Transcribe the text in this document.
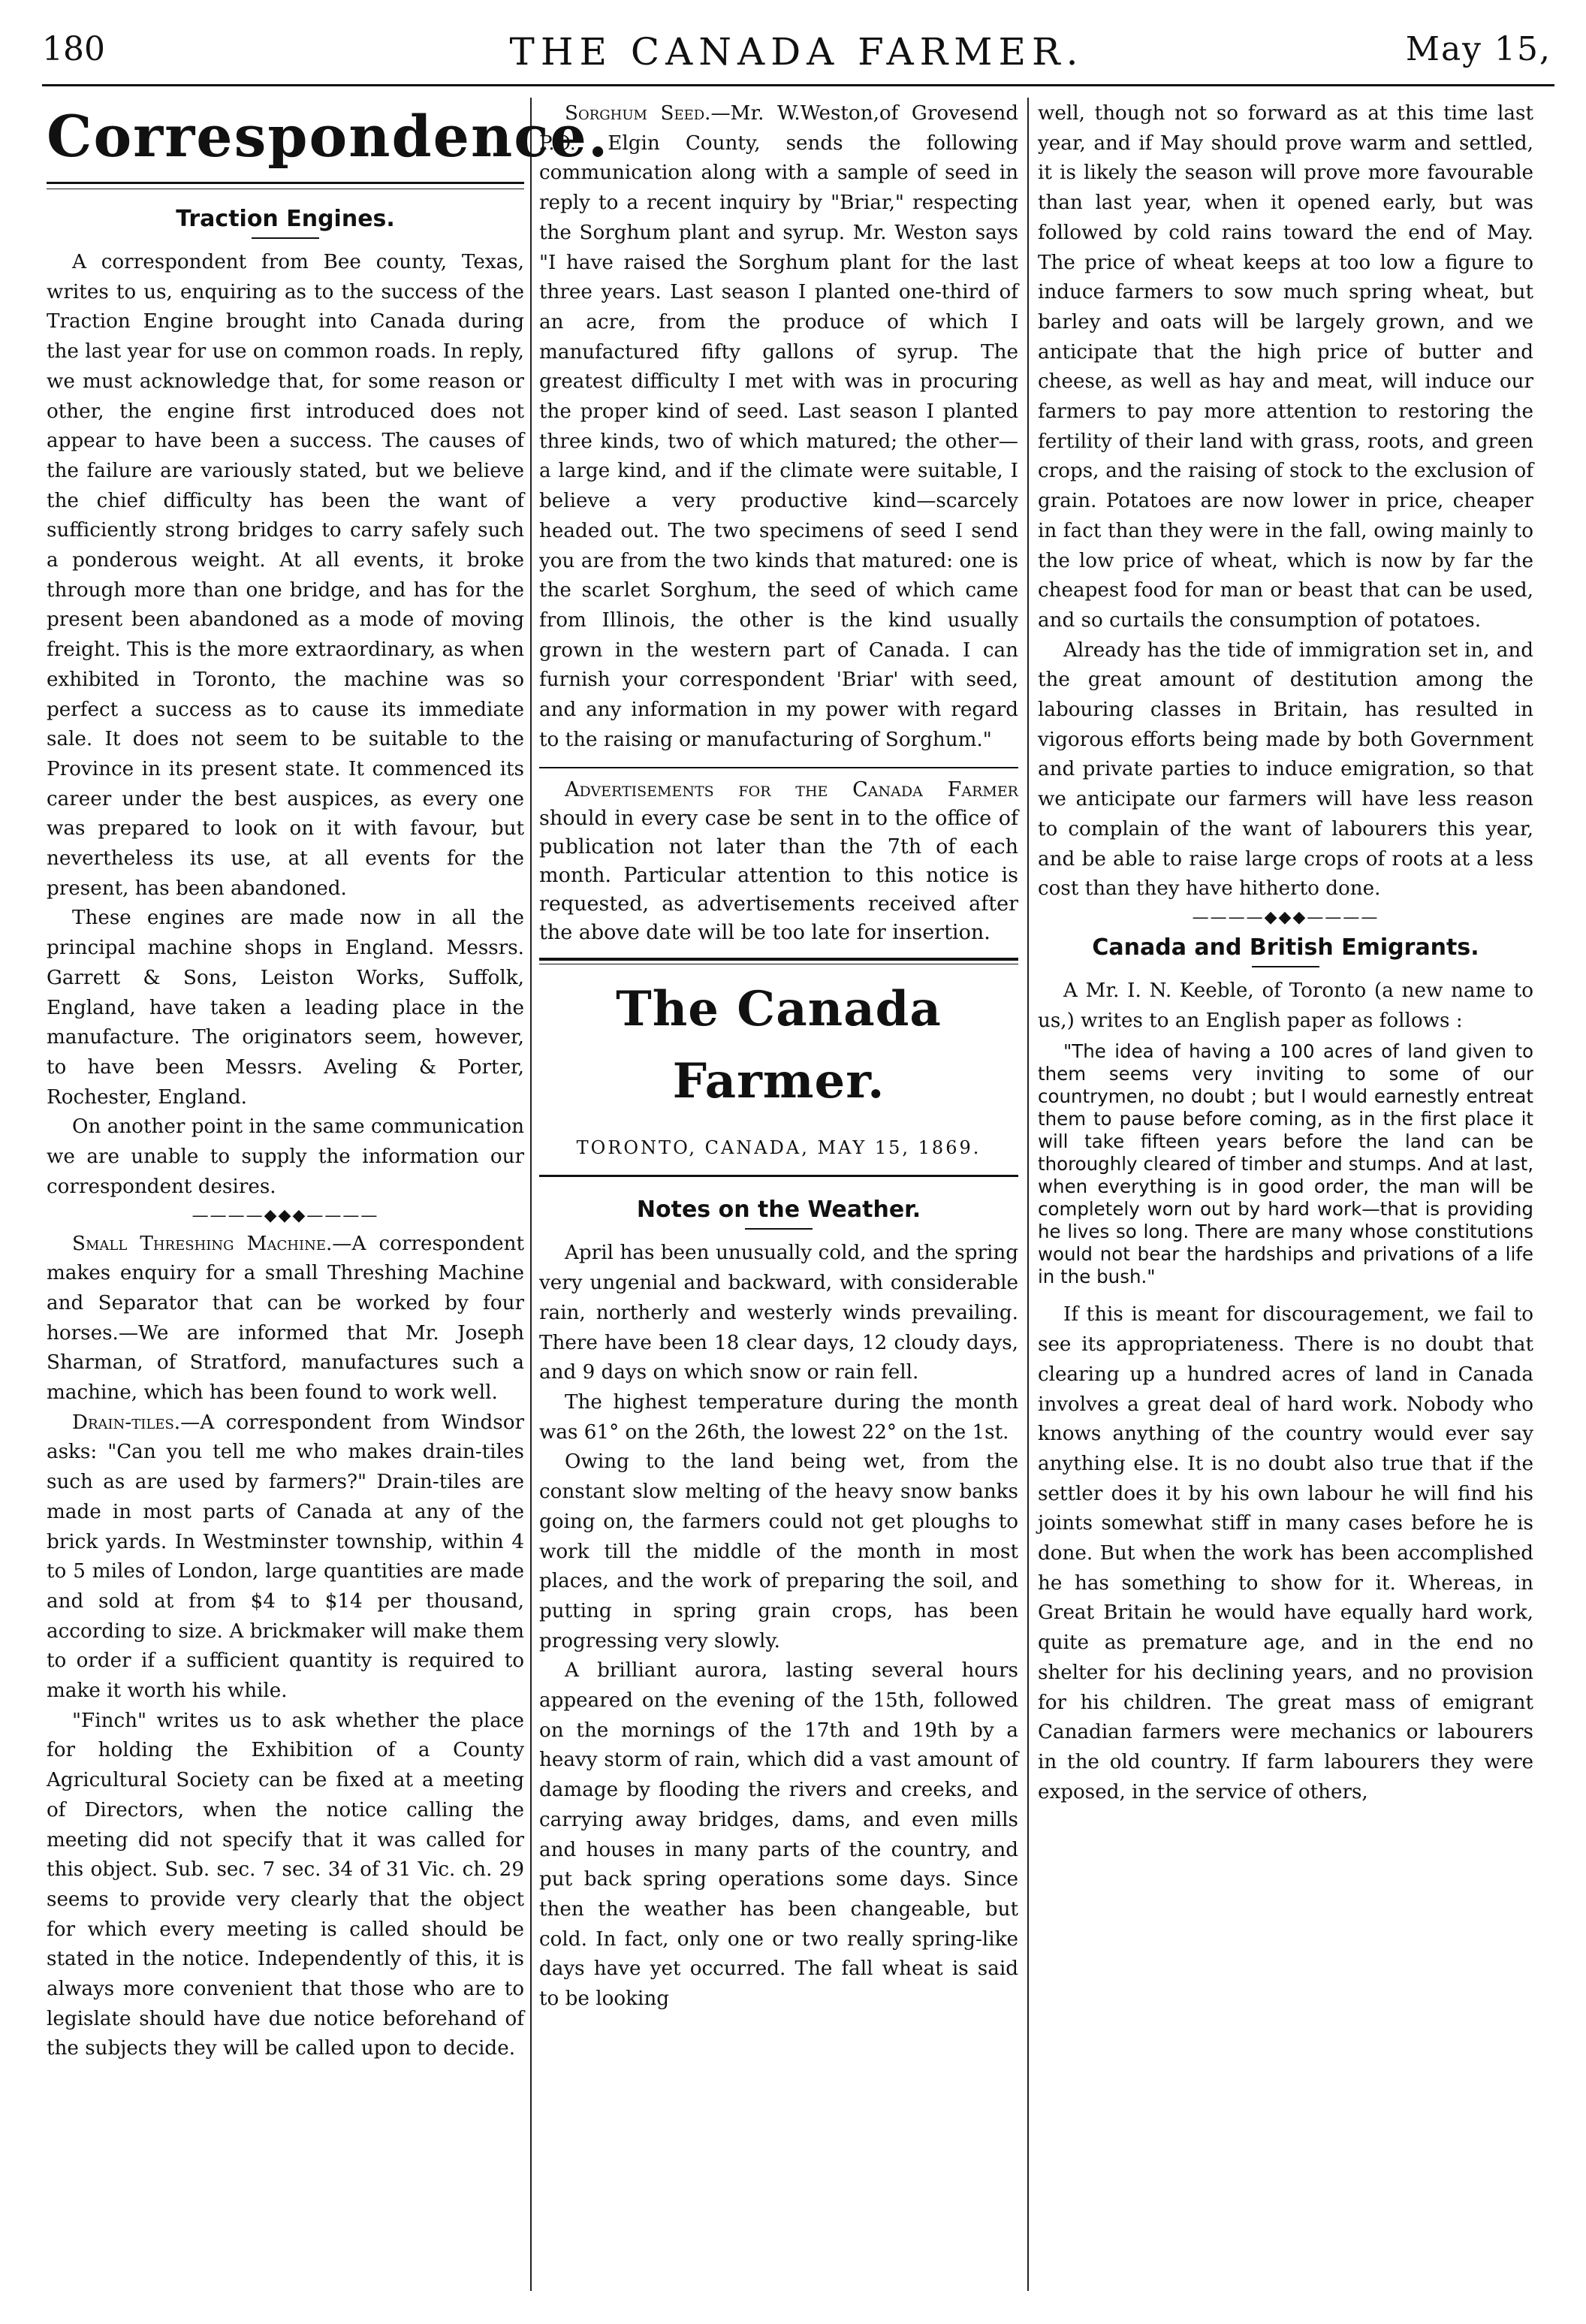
180	THE CANADA FARMER.	May 15,
Correspondence.
Traction Engines.

A correspondent from Bee county, Texas, writes to us, enquiring as to the success of the Traction Engine brought into Canada during the last year for use on common roads. In reply, we must acknowledge that, for some reason or other, the engine first introduced does not appear to have been a success. The causes of the failure are variously stated, but we believe the chief difficulty has been the want of sufficiently strong bridges to carry safely such a ponderous weight. At all events, it broke through more than one bridge, and has for the present been abandoned as a mode of moving freight. This is the more extraordinary, as when exhibited in Toronto, the machine was so perfect a success as to cause its immediate sale. It does not seem to be suitable to the Province in its present state. It commenced its career under the best auspices, as every one was prepared to look on it with favour, but nevertheless its use, at all events for the present, has been abandoned.

These engines are made now in all the principal machine shops in England. Messrs. Garrett & Sons, Leiston Works, Suffolk, England, have taken a leading place in the manufacture. The originators seem, however, to have been Messrs. Aveling & Porter, Rochester, England.

On another point in the same communication we are unable to supply the information our correspondent desires.

————◆◆◆————

Small Threshing Machine.—A correspondent makes enquiry for a small Threshing Machine and Separator that can be worked by four horses.—We are informed that Mr. Joseph Sharman, of Stratford, manufactures such a machine, which has been found to work well.

Drain-tiles.—A correspondent from Windsor asks: "Can you tell me who makes drain-tiles such as are used by farmers?" Drain-tiles are made in most parts of Canada at any of the brick yards. In Westminster township, within 4 to 5 miles of London, large quantities are made and sold at from $4 to $14 per thousand, according to size. A brickmaker will make them to order if a sufficient quantity is required to make it worth his while.

"Finch" writes us to ask whether the place for holding the Exhibition of a County Agricultural Society can be fixed at a meeting of Directors, when the notice calling the meeting did not specify that it was called for this object. Sub. sec. 7 sec. 34 of 31 Vic. ch. 29 seems to provide very clearly that the object for which every meeting is called should be stated in the notice. Independently of this, it is always more convenient that those who are to legislate should have due notice beforehand of the subjects they will be called upon to decide.

Sorghum Seed.—Mr. W.Weston,of Grovesend P.O., Elgin County, sends the following communication along with a sample of seed in reply to a recent inquiry by "Briar," respecting the Sorghum plant and syrup. Mr. Weston says "I have raised the Sorghum plant for the last three years. Last season I planted one-third of an acre, from the produce of which I manufactured fifty gallons of syrup. The greatest difficulty I met with was in procuring the proper kind of seed. Last season I planted three kinds, two of which matured; the other—a large kind, and if the climate were suitable, I believe a very productive kind—scarcely headed out. The two specimens of seed I send you are from the two kinds that matured: one is the scarlet Sorghum, the seed of which came from Illinois, the other is the kind usually grown in the western part of Canada. I can furnish your correspondent 'Briar' with seed, and any information in my power with regard to the raising or manufacturing of Sorghum."

Advertisements for the Canada Farmer should in every case be sent in to the office of publication not later than the 7th of each month. Particular attention to this notice is requested, as advertisements received after the above date will be too late for insertion.

The Canada Farmer.
TORONTO, CANADA, MAY 15, 1869.
Notes on the Weather.

April has been unusually cold, and the spring very ungenial and backward, with considerable rain, northerly and westerly winds prevailing. There have been 18 clear days, 12 cloudy days, and 9 days on which snow or rain fell.

The highest temperature during the month was 61° on the 26th, the lowest 22° on the 1st.

Owing to the land being wet, from the constant slow melting of the heavy snow banks going on, the farmers could not get ploughs to work till the middle of the month in most places, and the work of preparing the soil, and putting in spring grain crops, has been progressing very slowly.

A brilliant aurora, lasting several hours appeared on the evening of the 15th, followed on the mornings of the 17th and 19th by a heavy storm of rain, which did a vast amount of damage by flooding the rivers and creeks, and carrying away bridges, dams, and even mills and houses in many parts of the country, and put back spring operations some days. Since then the weather has been changeable, but cold. In fact, only one or two really spring-like days have yet occurred. The fall wheat is said to be looking

well, though not so forward as at this time last year, and if May should prove warm and settled, it is likely the season will prove more favourable than last year, when it opened early, but was followed by cold rains toward the end of May. The price of wheat keeps at too low a figure to induce farmers to sow much spring wheat, but barley and oats will be largely grown, and we anticipate that the high price of butter and cheese, as well as hay and meat, will induce our farmers to pay more attention to restoring the fertility of their land with grass, roots, and green crops, and the raising of stock to the exclusion of grain. Potatoes are now lower in price, cheaper in fact than they were in the fall, owing mainly to the low price of wheat, which is now by far the cheapest food for man or beast that can be used, and so curtails the consumption of potatoes.

Already has the tide of immigration set in, and the great amount of destitution among the labouring classes in Britain, has resulted in vigorous efforts being made by both Government and private parties to induce emigration, so that we anticipate our farmers will have less reason to complain of the want of labourers this year, and be able to raise large crops of roots at a less cost than they have hitherto done.

————◆◆◆————
Canada and British Emigrants.

A Mr. I. N. Keeble, of Toronto (a new name to us,) writes to an English paper as follows :

"The idea of having a 100 acres of land given to them seems very inviting to some of our countrymen, no doubt ; but I would earnestly entreat them to pause before coming, as in the first place it will take fifteen years before the land can be thoroughly cleared of timber and stumps. And at last, when everything is in good order, the man will be completely worn out by hard work—that is providing he lives so long. There are many whose constitutions would not bear the hardships and privations of a life in the bush."

If this is meant for discouragement, we fail to see its appropriateness. There is no doubt that clearing up a hundred acres of land in Canada involves a great deal of hard work. Nobody who knows anything of the country would ever say anything else. It is no doubt also true that if the settler does it by his own labour he will find his joints somewhat stiff in many cases before he is done. But when the work has been accomplished he has something to show for it. Whereas, in Great Britain he would have equally hard work, quite as premature age, and in the end no shelter for his declining years, and no provision for his children. The great mass of emigrant Canadian farmers were mechanics or labourers in the old country. If farm labourers they were exposed, in the service of others,
